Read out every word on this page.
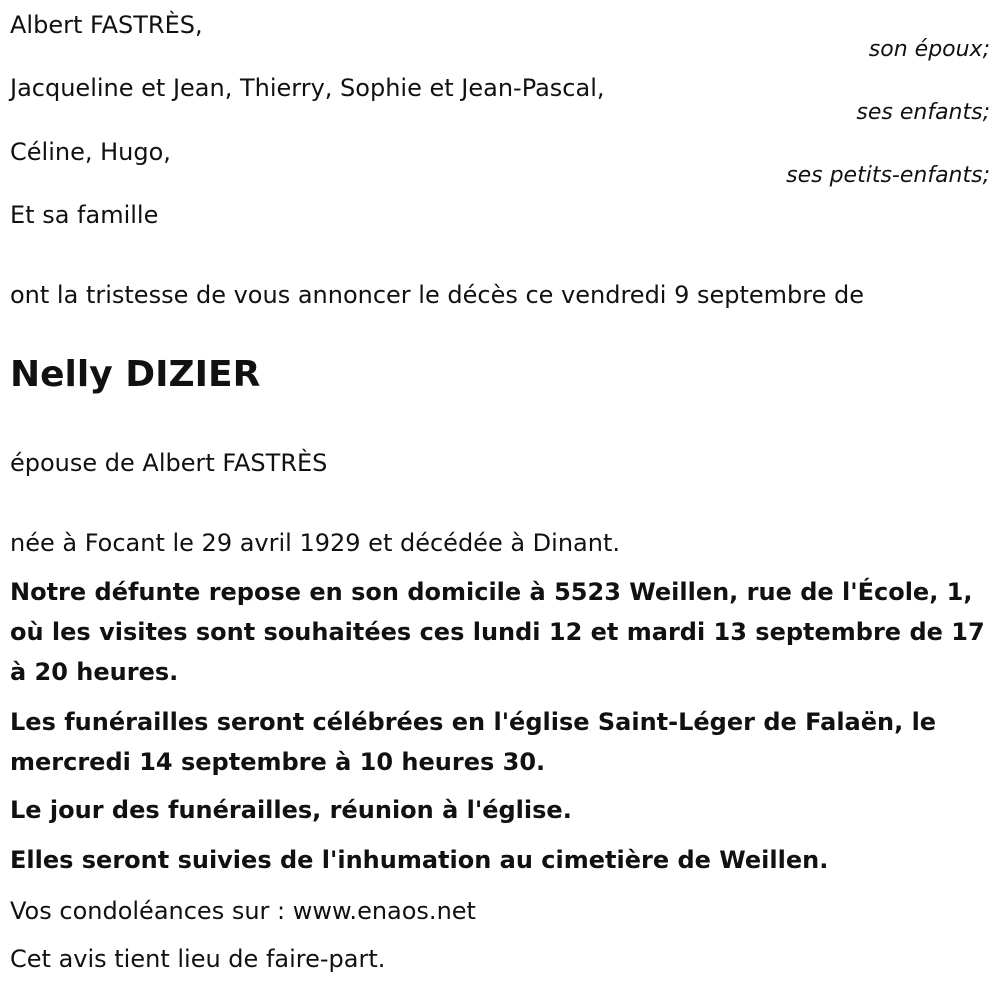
Albert FASTRÈS,
son époux;
Jacqueline et Jean, Thierry, Sophie et Jean-Pascal,
ses enfants;
Céline, Hugo,
ses petits-enfants;
Et sa famille
ont la tristesse de vous annoncer le décès ce vendredi 9 septembre de
Nelly DIZIER
épouse de Albert FASTRÈS
née à Focant le 29 avril 1929 et décédée à Dinant.
Notre défunte repose en son domicile à 5523 Weillen, rue de l'École, 1, où les visites sont souhaitées ces lundi 12 et mardi 13 septembre de 17 à 20 heures.
Les funérailles seront célébrées en l'église Saint-Léger de Falaën, le mercredi 14 septembre à 10 heures 30.
Le jour des funérailles, réunion à l'église.
Elles seront suivies de l'inhumation au cimetière de Weillen.
Vos condoléances sur : www.enaos.net
Cet avis tient lieu de faire-part.
